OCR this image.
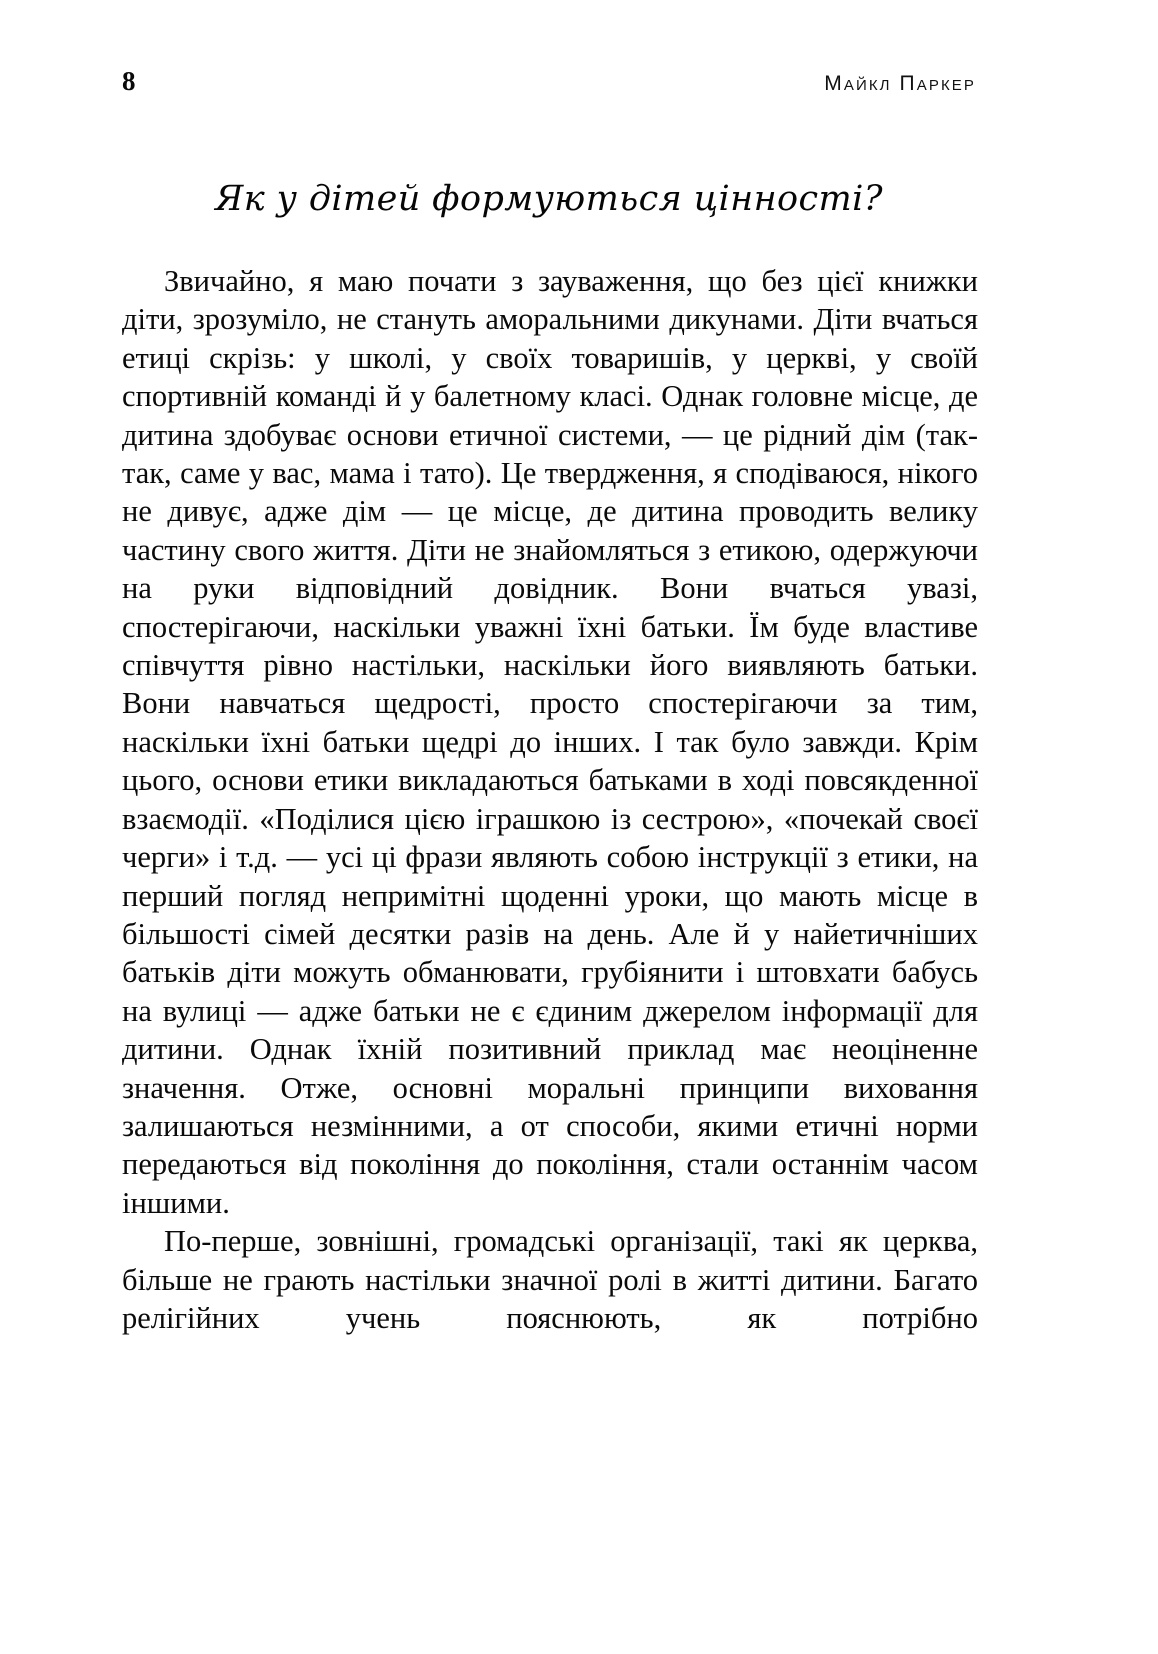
8	Майкл Паркер
Як у дітей формуються цінності?

Звичайно, я маю почати з зауваження, що без цієї книжки діти, зрозуміло, не стануть аморальними дикунами. Діти вчаться етиці скрізь: у школі, у своїх товаришів, у церкві, у своїй спортивній команді й у балетному класі. Однак головне місце, де дитина здобуває основи етичної системи, — це рідний дім (так-так, саме у вас, мама і тато). Це твердження, я сподіваюся, нікого не дивує, адже дім — це місце, де дитина проводить велику частину свого життя. Діти не знайомляться з етикою, одержуючи на руки відповідний довідник. Вони вчаться увазі, спостерігаючи, наскільки уважні їхні батьки. Їм буде властиве співчуття рівно настільки, наскільки його виявляють батьки. Вони навчаться щедрості, просто спостерігаючи за тим, наскільки їхні батьки щедрі до інших. І так було завжди. Крім цього, основи етики викладаються батьками в ході повсякденної взаємодії. «Поділися цією іграшкою із сестрою», «почекай своєї черги» і т.д. — усі ці фрази являють собою інструкції з етики, на перший погляд непримітні щоденні уроки, що мають місце в більшості сімей десятки разів на день. Але й у найетичніших батьків діти можуть обманювати, грубіянити і штовхати бабусь на вулиці — адже батьки не є єдиним джерелом інформації для дитини. Однак їхній позитивний приклад має неоціненне значення. Отже, основні моральні принципи виховання залишаються незмінними, а от способи, якими етичні норми передаються від покоління до покоління, стали останнім часом іншими.

По-перше, зовнішні, громадські організації, такі як церква, більше не грають настільки значної ролі в житті дитини. Багато релігійних учень пояснюють, як потрібно
